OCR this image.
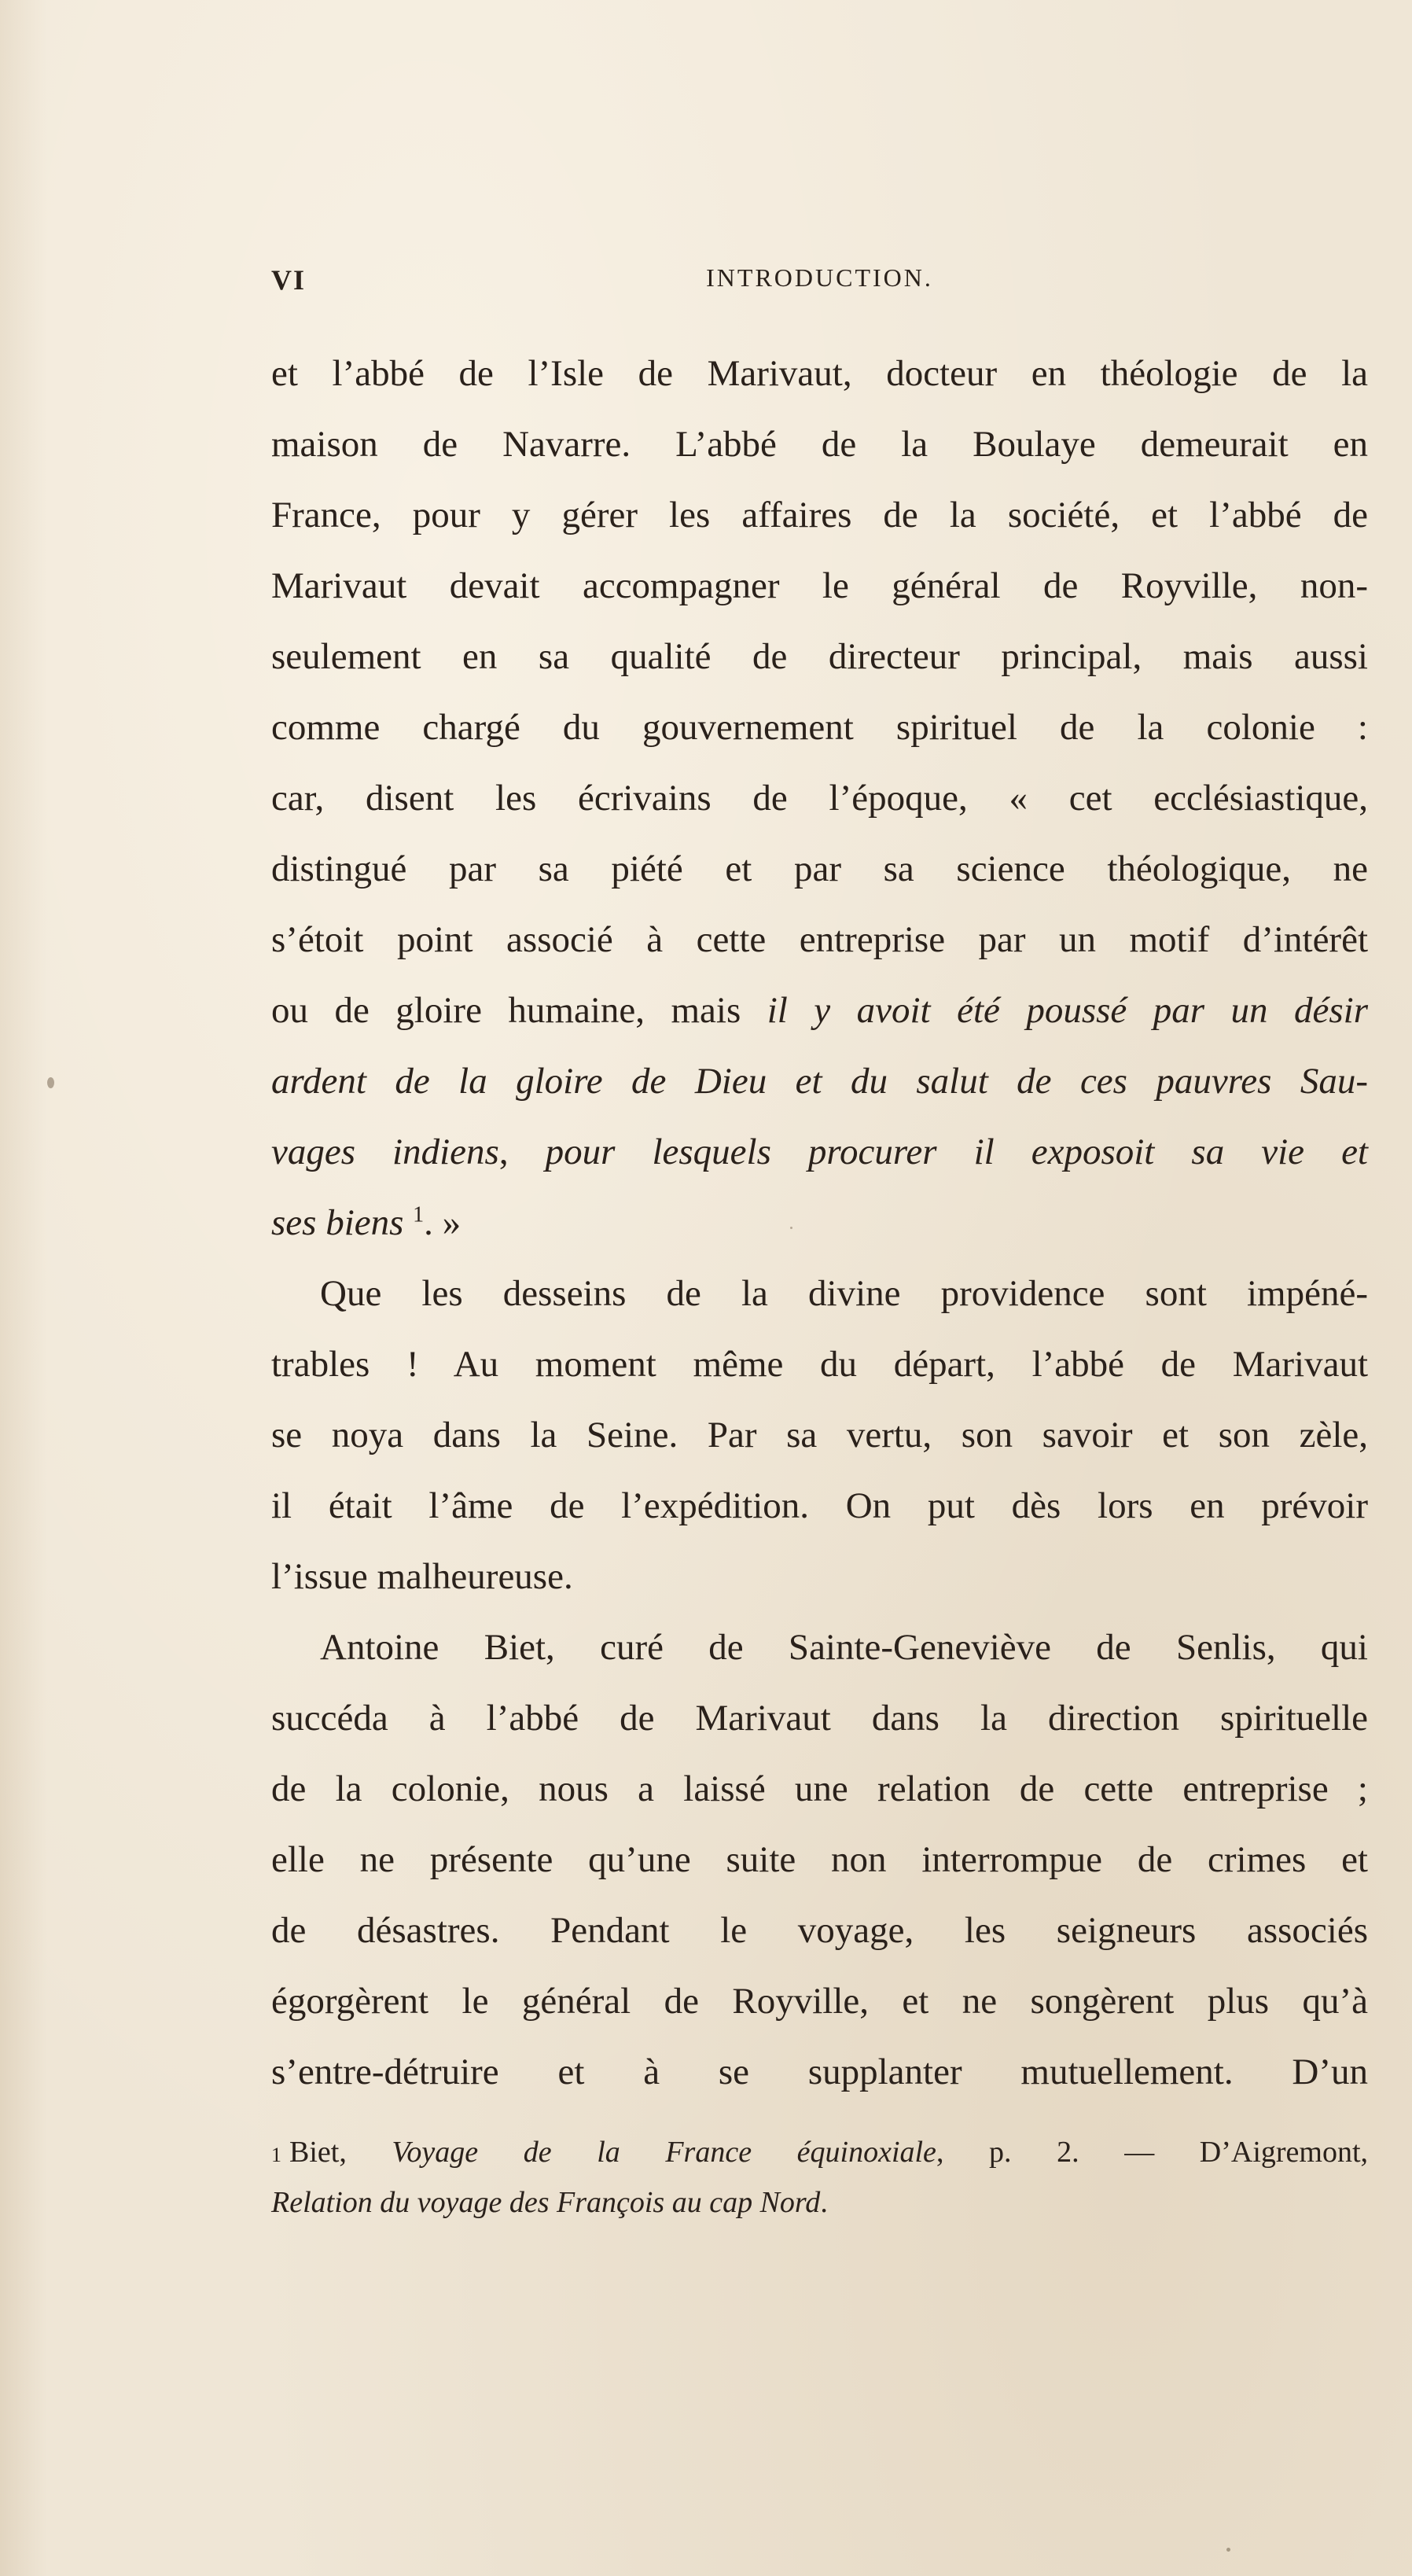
VI	INTRODUCTION.
et l’abbé de l’Isle de Marivaut, docteur en théologie de la
maison de Navarre. L’abbé de la Boulaye demeurait en
France, pour y gérer les affaires de la société, et l’abbé de
Marivaut devait accompagner le général de Royville, non-
seulement en sa qualité de directeur principal, mais aussi
comme chargé du gouvernement spirituel de la colonie :
car, disent les écrivains de l’époque, « cet ecclésiastique,
distingué par sa piété et par sa science théologique, ne
s’étoit point associé à cette entreprise par un motif d’intérêt
ou de gloire humaine, mais il y avoit été poussé par un désir
ardent de la gloire de Dieu et du salut de ces pauvres Sau-
vages indiens, pour lesquels procurer il exposoit sa vie et
ses biens $^1$. »
Que les desseins de la divine providence sont impéné-
trables ! Au moment même du départ, l’abbé de Marivaut
se noya dans la Seine. Par sa vertu, son savoir et son zèle,
il était l’âme de l’expédition. On put dès lors en prévoir
l’issue malheureuse.
Antoine Biet, curé de Sainte-Geneviève de Senlis, qui
succéda à l’abbé de Marivaut dans la direction spirituelle
de la colonie, nous a laissé une relation de cette entreprise ;
elle ne présente qu’une suite non interrompue de crimes et
de désastres. Pendant le voyage, les seigneurs associés
égorgèrent le général de Royville, et ne songèrent plus qu’à
s’entre-détruire et à se supplanter mutuellement. D’un
1 Biet, Voyage de la France équinoxiale, p. 2. — D’Aigremont,
Relation du voyage des François au cap Nord.
